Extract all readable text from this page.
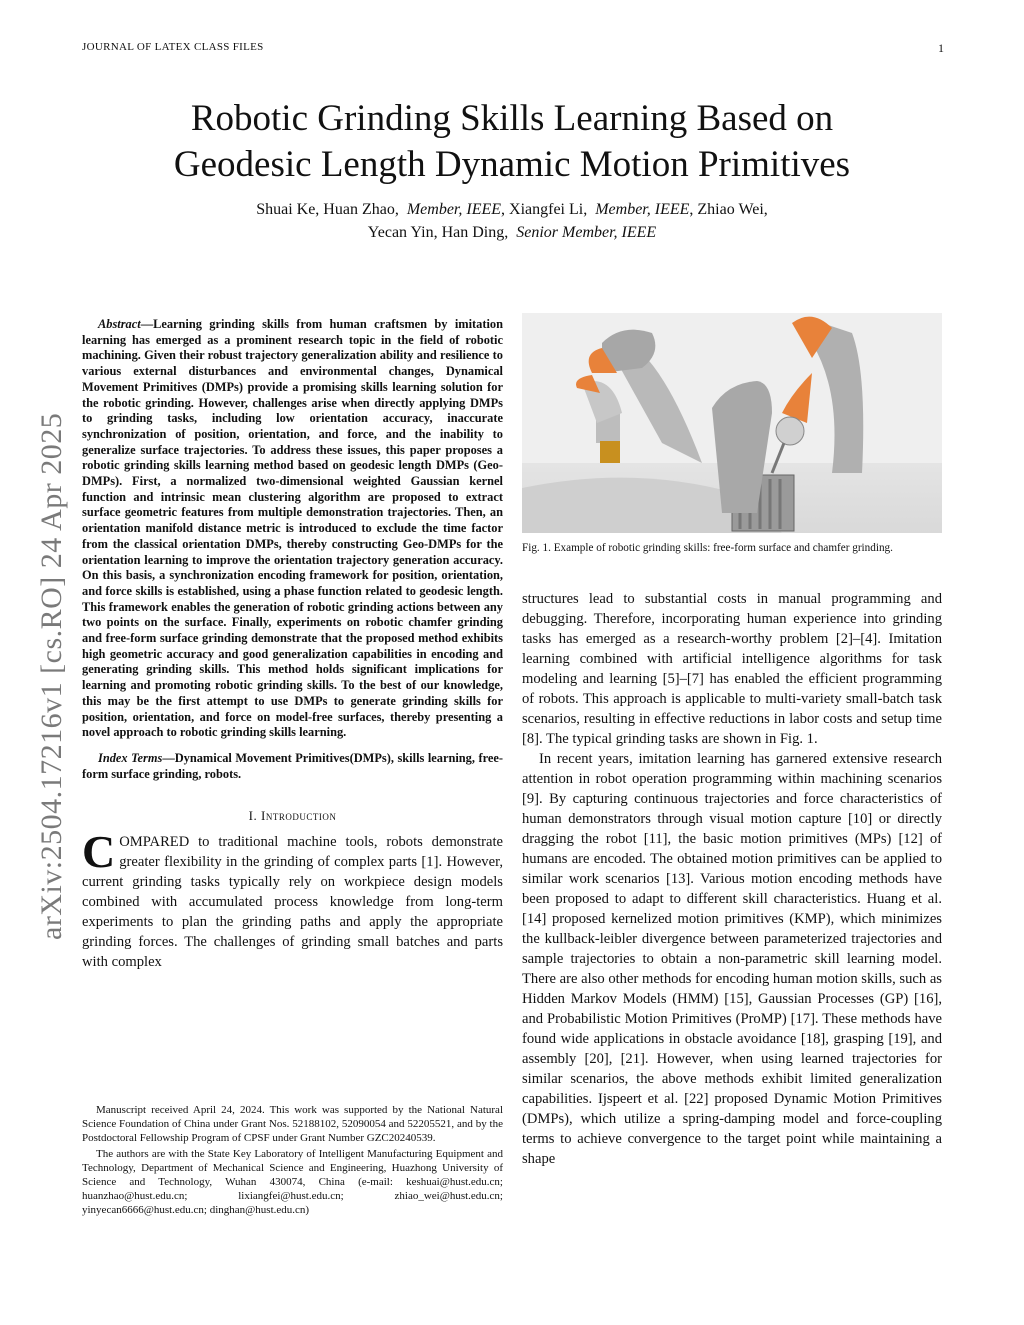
JOURNAL OF LATEX CLASS FILES	1
arXiv:2504.17216v1 [cs.RO] 24 Apr 2025
Robotic Grinding Skills Learning Based on
Geodesic Length Dynamic Motion Primitives
Shuai Ke, Huan Zhao, Member, IEEE, Xiangfei Li, Member, IEEE, Zhiao Wei,
Yecan Yin, Han Ding, Senior Member, IEEE

Abstract—Learning grinding skills from human craftsmen by imitation learning has emerged as a prominent research topic in the field of robotic machining. Given their robust trajectory generalization ability and resilience to various external disturbances and environmental changes, Dynamical Movement Primitives (DMPs) provide a promising skills learning solution for the robotic grinding. However, challenges arise when directly applying DMPs to grinding tasks, including low orientation accuracy, inaccurate synchronization of position, orientation, and force, and the inability to generalize surface trajectories. To address these issues, this paper proposes a robotic grinding skills learning method based on geodesic length DMPs (Geo-DMPs). First, a normalized two-dimensional weighted Gaussian kernel function and intrinsic mean clustering algorithm are proposed to extract surface geometric features from multiple demonstration trajectories. Then, an orientation manifold distance metric is introduced to exclude the time factor from the classical orientation DMPs, thereby constructing Geo-DMPs for the orientation learning to improve the orientation trajectory generation accuracy. On this basis, a synchronization encoding framework for position, orientation, and force skills is established, using a phase function related to geodesic length. This framework enables the generation of robotic grinding actions between any two points on the surface. Finally, experiments on robotic chamfer grinding and free-form surface grinding demonstrate that the proposed method exhibits high geometric accuracy and good generalization capabilities in encoding and generating grinding skills. This method holds significant implications for learning and promoting robotic grinding skills. To the best of our knowledge, this may be the first attempt to use DMPs to generate grinding skills for position, orientation, and force on model-free surfaces, thereby presenting a novel approach to robotic grinding skills learning.

Index Terms—Dynamical Movement Primitives(DMPs), skills learning, free-form surface grinding, robots.

I. Introduction

COMPARED to traditional machine tools, robots demonstrate greater flexibility in the grinding of complex parts [1]. However, current grinding tasks typically rely on workpiece design models combined with accumulated process knowledge from long-term experiments to plan the grinding paths and apply the appropriate grinding forces. The challenges of grinding small batches and parts with complex

Manuscript received April 24, 2024. This work was supported by the National Natural Science Foundation of China under Grant Nos. 52188102, 52090054 and 52205521, and by the Postdoctoral Fellowship Program of CPSF under Grant Number GZC20240539.

The authors are with the State Key Laboratory of Intelligent Manufacturing Equipment and Technology, Department of Mechanical Science and Engineering, Huazhong University of Science and Technology, Wuhan 430074, China (e-mail: keshuai@hust.edu.cn; huanzhao@hust.edu.cn; lixiangfei@hust.edu.cn; zhiao_wei@hust.edu.cn; yinyecan6666@hust.edu.cn; dinghan@hust.edu.cn)

Fig. 1. Example of robotic grinding skills: free-form surface and chamfer grinding.

structures lead to substantial costs in manual programming and debugging. Therefore, incorporating human experience into grinding tasks has emerged as a research-worthy problem [2]–[4]. Imitation learning combined with artificial intelligence algorithms for task modeling and learning [5]–[7] has enabled the efficient programming of robots. This approach is applicable to multi-variety small-batch task scenarios, resulting in effective reductions in labor costs and setup time [8]. The typical grinding tasks are shown in Fig. 1.

In recent years, imitation learning has garnered extensive research attention in robot operation programming within machining scenarios [9]. By capturing continuous trajectories and force characteristics of human demonstrators through visual motion capture [10] or directly dragging the robot [11], the basic motion primitives (MPs) [12] of humans are encoded. The obtained motion primitives can be applied to similar work scenarios [13]. Various motion encoding methods have been proposed to adapt to different skill characteristics. Huang et al. [14] proposed kernelized motion primitives (KMP), which minimizes the kullback-leibler divergence between parameterized trajectories and sample trajectories to obtain a non-parametric skill learning model. There are also other methods for encoding human motion skills, such as Hidden Markov Models (HMM) [15], Gaussian Processes (GP) [16], and Probabilistic Motion Primitives (ProMP) [17]. These methods have found wide applications in obstacle avoidance [18], grasping [19], and assembly [20], [21]. However, when using learned trajectories for similar scenarios, the above methods exhibit limited generalization capabilities. Ijspeert et al. [22] proposed Dynamic Motion Primitives (DMPs), which utilize a spring-damping model and force-coupling terms to achieve convergence to the target point while maintaining a shape
